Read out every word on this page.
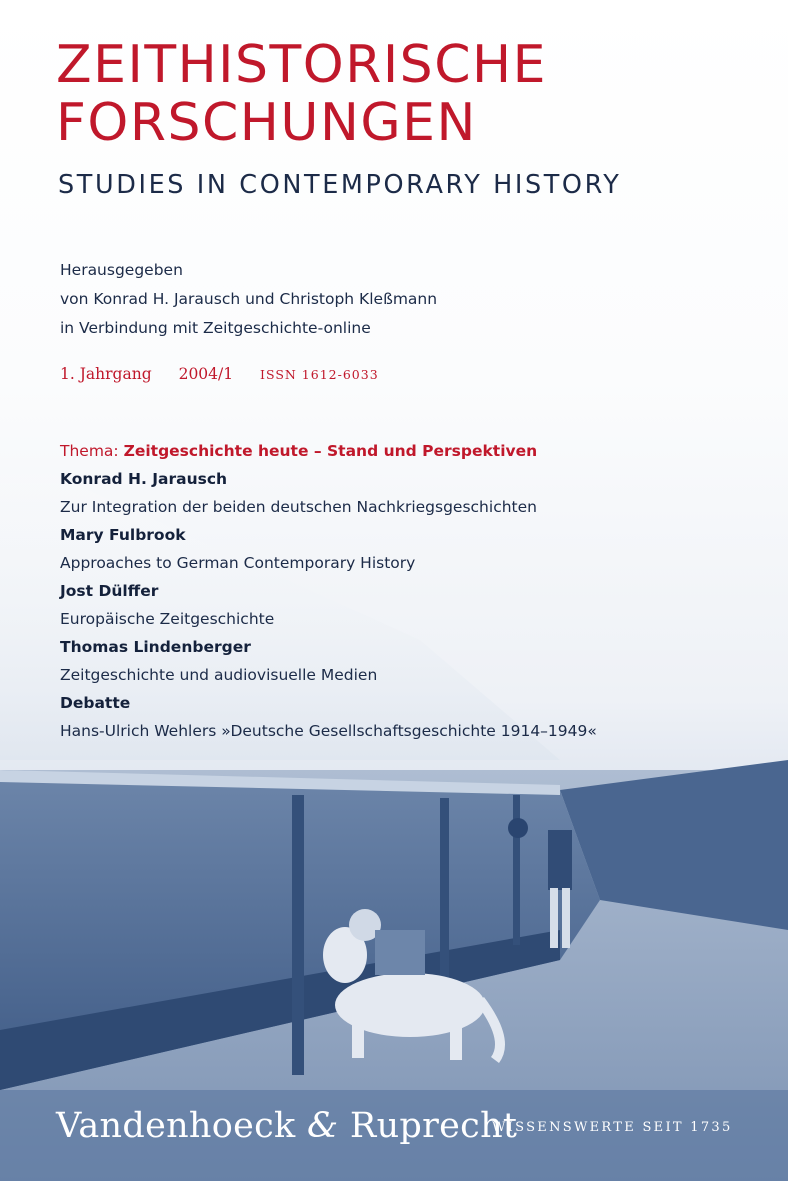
ZEITHISTORISCHE
FORSCHUNGEN
STUDIES IN CONTEMPORARY HISTORY
Herausgegeben
von Konrad H. Jarausch und Christoph Kleßmann
in Verbindung mit Zeitgeschichte-online
1. Jahrgang 2004/1 ISSN 1612-6033
Thema: Zeitgeschichte heute – Stand und Perspektiven
Konrad H. Jarausch
Zur Integration der beiden deutschen Nachkriegsgeschichten
Mary Fulbrook
Approaches to German Contemporary History
Jost Dülffer
Europäische Zeitgeschichte
Thomas Lindenberger
Zeitgeschichte und audiovisuelle Medien
Debatte
Hans-Ulrich Wehlers »Deutsche Gesellschaftsgeschichte 1914–1949«
Vandenhoeck & Ruprecht
WISSENSWERTE SEIT 1735
